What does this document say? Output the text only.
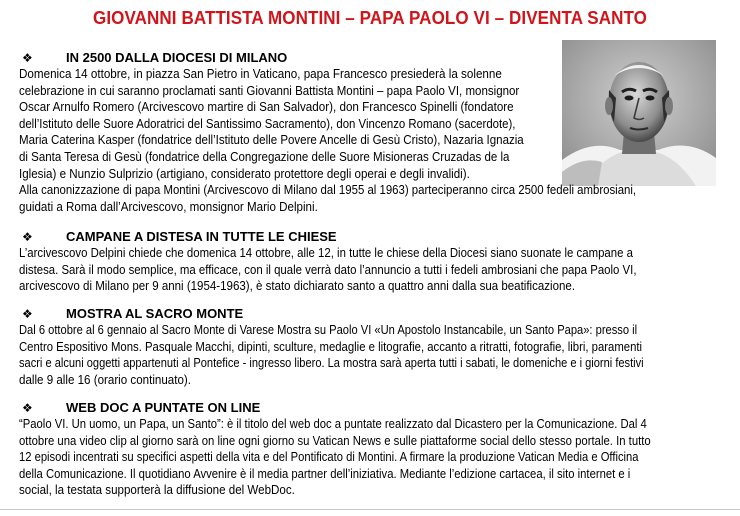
GIOVANNI BATTISTA MONTINI – PAPA PAOLO VI – DIVENTA SANTO
❖	IN 2500 DALLA DIOCESI DI MILANO
Domenica 14 ottobre, in piazza San Pietro in Vaticano, papa Francesco presiederà la solenne
celebrazione in cui saranno proclamati santi Giovanni Battista Montini – papa Paolo VI, monsignor
Oscar Arnulfo Romero (Arcivescovo martire di San Salvador), don Francesco Spinelli (fondatore
dell’Istituto delle Suore Adoratrici del Santissimo Sacramento), don Vincenzo Romano (sacerdote),
Maria Caterina Kasper (fondatrice dell’Istituto delle Povere Ancelle di Gesù Cristo), Nazaria Ignazia
di Santa Teresa di Gesù (fondatrice della Congregazione delle Suore Misioneras Cruzadas de la
Iglesia) e Nunzio Sulprizio (artigiano, considerato protettore degli operai e degli invalidi).
Alla canonizzazione di papa Montini (Arcivescovo di Milano dal 1955 al 1963) parteciperanno circa 2500 fedeli ambrosiani,
guidati a Roma dall’Arcivescovo, monsignor Mario Delpini.
❖	CAMPANE A DISTESA IN TUTTE LE CHIESE
L’arcivescovo Delpini chiede che domenica 14 ottobre, alle 12, in tutte le chiese della Diocesi siano suonate le campane a
distesa. Sarà il modo semplice, ma efficace, con il quale verrà dato l’annuncio a tutti i fedeli ambrosiani che papa Paolo VI,
arcivescovo di Milano per 9 anni (1954-1963), è stato dichiarato santo a quattro anni dalla sua beatificazione.
❖	MOSTRA AL SACRO MONTE
Dal 6 ottobre al 6 gennaio al Sacro Monte di Varese Mostra su Paolo VI «Un Apostolo Instancabile, un Santo Papa»: presso il
Centro Espositivo Mons. Pasquale Macchi, dipinti, sculture, medaglie e litografie, accanto a ritratti, fotografie, libri, paramenti
sacri e alcuni oggetti appartenuti al Pontefice - ingresso libero. La mostra sarà aperta tutti i sabati, le domeniche e i giorni festivi
dalle 9 alle 16 (orario continuato).
❖	WEB DOC A PUNTATE ON LINE
“Paolo VI. Un uomo, un Papa, un Santo”: è il titolo del web doc a puntate realizzato dal Dicastero per la Comunicazione. Dal 4
ottobre una video clip al giorno sarà on line ogni giorno su Vatican News e sulle piattaforme social dello stesso portale. In tutto
12 episodi incentrati su specifici aspetti della vita e del Pontificato di Montini. A firmare la produzione Vatican Media e Officina
della Comunicazione. Il quotidiano Avvenire è il media partner dell’iniziativa. Mediante l’edizione cartacea, il sito internet e i
social, la testata supporterà la diffusione del WebDoc.
